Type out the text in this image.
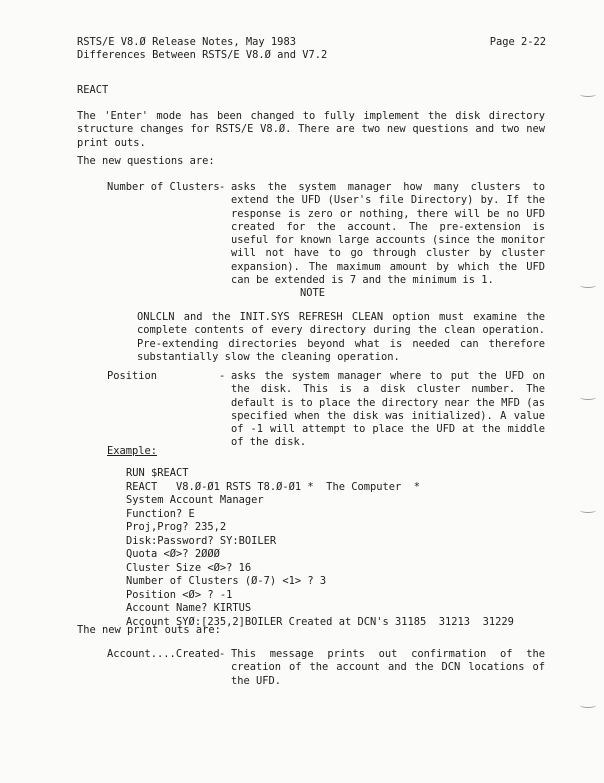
RSTS/E V8.Ø Release Notes, May 1983
Differences Between RSTS/E V8.Ø and V7.2
Page 2-22
REACT

The 'Enter' mode has been changed to fully implement the disk directory structure changes for RSTS/E V8.Ø. There are two new questions and two new print outs.

The new questions are:
Number of Clusters - asks the system manager how many clusters to extend the UFD (User's file Directory) by. If the response is zero or nothing, there will be no UFD created for the account. The pre-extension is useful for known large accounts (since the monitor will not have to go through cluster by cluster expansion). The maximum amount by which the UFD can be extended is 7 and the minimum is 1.

NOTE

ONLCLN and the INIT.SYS REFRESH CLEAN option must examine the complete contents of every directory during the clean operation. Pre-extending directories beyond what is needed can therefore substantially slow the cleaning operation.

Position	- asks the system manager where to put the UFD on the disk. This is a disk cluster number. The default is to place the directory near the MFD (as specified when the disk was initialized). A value of -1 will attempt to place the UFD at the middle of the disk.

Example:
RUN $REACT
REACT   V8.Ø-Ø1 RSTS T8.Ø-Ø1 *  The Computer  *
System Account Manager
Function? E
Proj,Prog? 235,2
Disk:Password? SY:BOILER
Quota <Ø>? 2ØØØ
Cluster Size <Ø>? 16
Number of Clusters (Ø-7) <1> ? 3
Position <Ø> ? -1
Account Name? KIRTUS
Account SYØ:[235,2]BOILER Created at DCN's 31185  31213  31229
The new print outs are:
Account....Created - This message prints out confirmation of the creation of the account and the DCN locations of the UFD.
